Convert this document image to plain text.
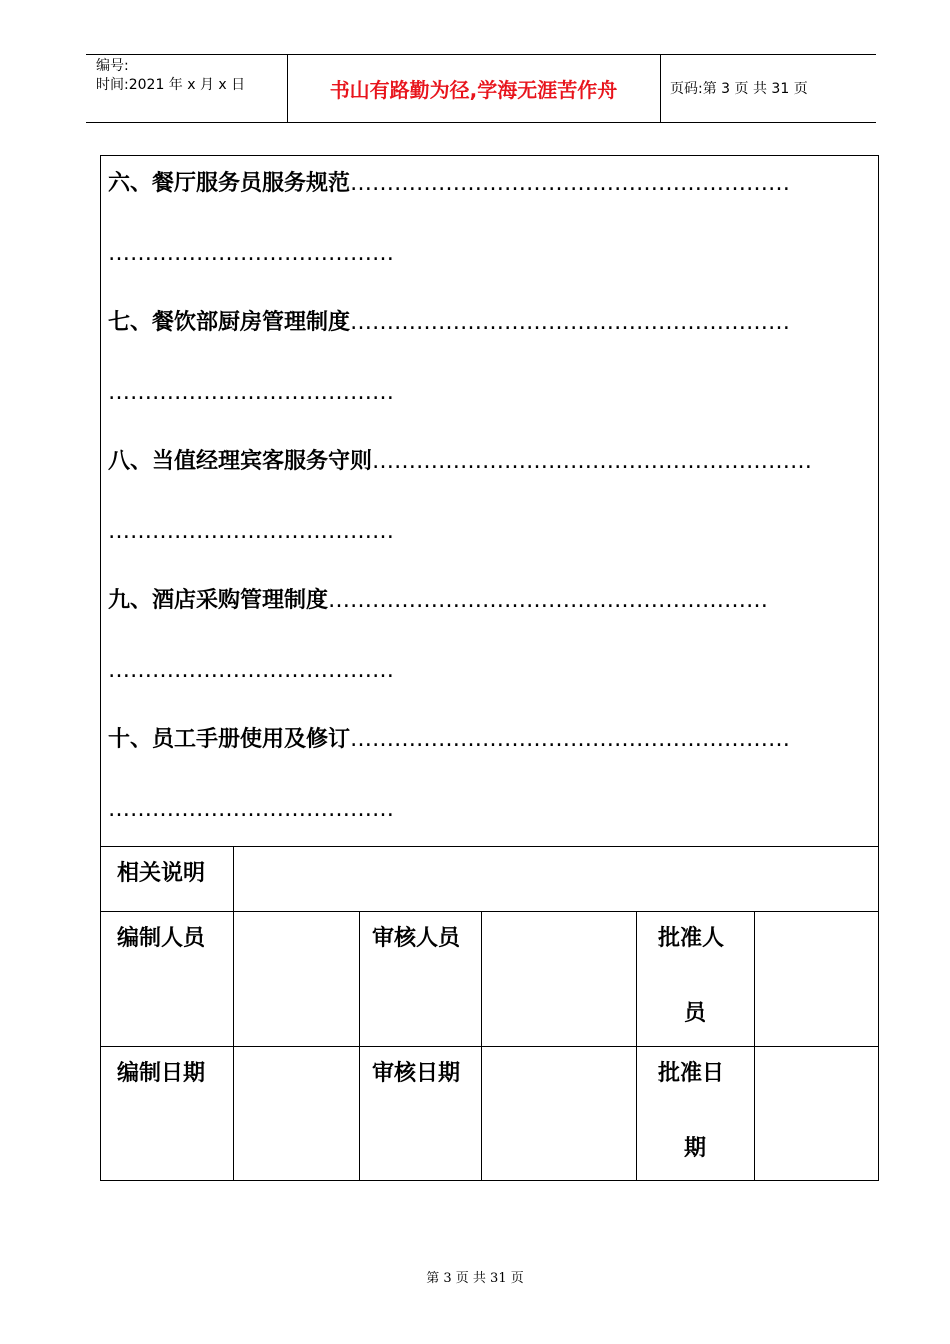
编号:
时间:2021 年 x 月 x 日	书山有路勤为径,学海无涯苦作舟	页码:第 3 页 共 31 页
六、餐厅服务员服务规范……………………………………………………
…………………………………
七、餐饮部厨房管理制度……………………………………………………
…………………………………
八、当值经理宾客服务守则……………………………………………………
…………………………………
九、酒店采购管理制度……………………………………………………
…………………………………
十、员工手册使用及修订……………………………………………………
…………………………………
相关说明
编制人员	审核人员	批准人
员
编制日期	审核日期	批准日
期
第 3 页 共 31 页
